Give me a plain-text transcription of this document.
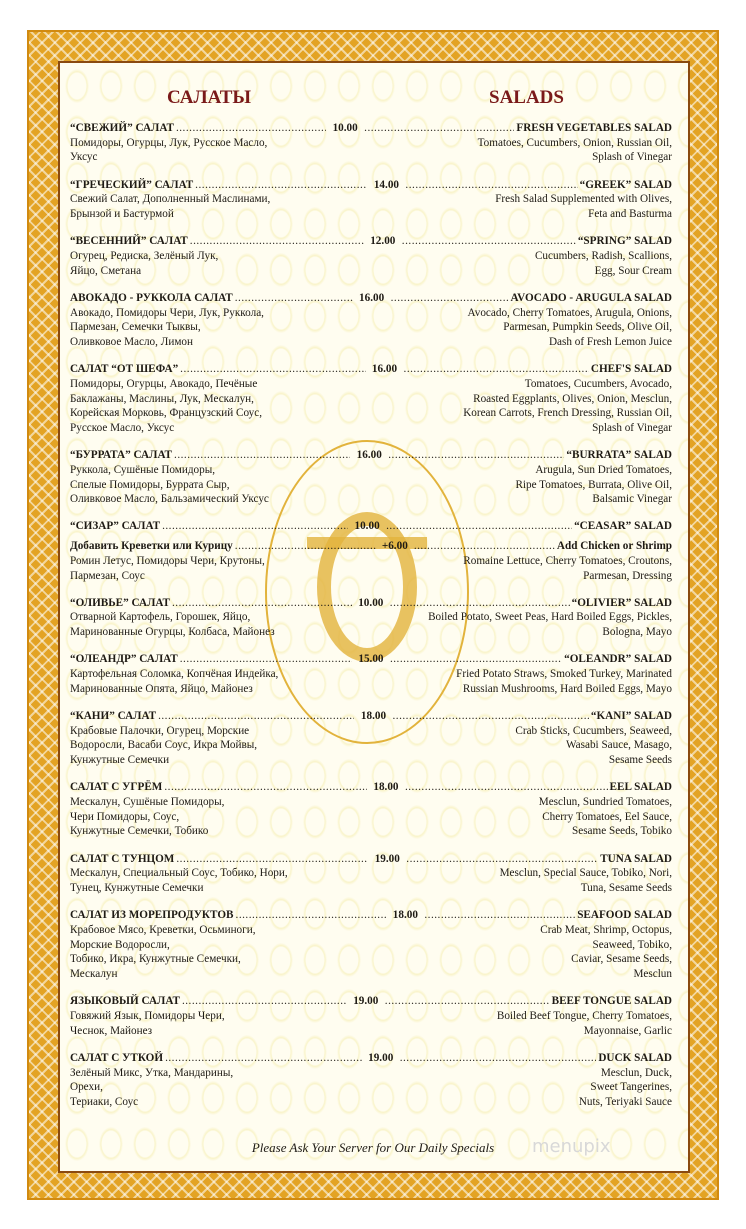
САЛАТЫ	SALADS
“СВЕЖИЙ” САЛАТ .....	10.00 .....	FRESH VEGETABLES SALAD
Помидоры, Огурцы, Лук, Русское Масло,
Уксус
Tomatoes, Cucumbers, Onion, Russian Oil,
Splash of Vinegar
“ГРЕЧЕСКИЙ” САЛАТ .....	14.00 .....	“GREEK” SALAD
Свежий Салат, Дополненный Маслинами,
Брынзой и Бастурмой
Fresh Salad Supplemented with Olives,
Feta and Basturma
“ВЕСЕННИЙ” САЛАТ .....	12.00 .....	“SPRING” SALAD
Огурец, Редиска, Зелёный Лук,
Яйцо, Сметана
Cucumbers, Radish, Scallions,
Egg, Sour Cream
АВОКАДО - РУККОЛА САЛАТ .....	16.00 .....	AVOCADO - ARUGULA SALAD
Авокадо, Помидоры Чери, Лук, Руккола,
Пармезан, Семечки Тыквы,
Оливковое Масло, Лимон
Avocado, Cherry Tomatoes, Arugula, Onions,
Parmesan, Pumpkin Seeds, Olive Oil,
Dash of Fresh Lemon Juice
САЛАТ “ОТ ШЕФА” .....	16.00 .....	CHEF'S SALAD
Помидоры, Огурцы, Авокадо, Печёные
Баклажаны, Маслины, Лук, Мескалун,
Корейская Морковь, Французский Соус,
Русское Масло, Уксус
Tomatoes, Cucumbers, Avocado,
Roasted Eggplants, Olives, Onion, Mesclun,
Korean Carrots, French Dressing, Russian Oil,
Splash of Vinegar
“БУРРАТА” САЛАТ .....	16.00 .....	“BURRATA” SALAD
Руккола, Сушёные Помидоры,
Спелые Помидоры, Буррата Сыр,
Оливковое Масло, Бальзамический Уксус
Arugula, Sun Dried Tomatoes,
Ripe Tomatoes, Burrata, Olive Oil,
Balsamic Vinegar
“СИЗАР” САЛАТ .....	10.00 .....	“CEASAR” SALAD
Добавить Креветки или Курицу .....	+6.00 .....	Add Chicken or Shrimp
Ромин Летус, Помидоры Чери, Крутоны,
Пармезан, Соус
Romaine Lettuce, Cherry Tomatoes, Croutons,
Parmesan, Dressing
“ОЛИВЬЕ” САЛАТ .....	10.00 .....	“OLIVIER” SALAD
Отварной Картофель, Горошек, Яйцо,
Маринованные Огурцы, Колбаса, Майонез
Boiled Potato, Sweet Peas, Hard Boiled Eggs, Pickles,
Bologna, Mayo
“ОЛЕАНДР” САЛАТ .....	15.00 .....	“OLEANDR” SALAD
Картофельная Соломка, Копчёная Индейка,
Маринованные Опята, Яйцо, Майонез
Fried Potato Straws, Smoked Turkey, Marinated
Russian Mushrooms, Hard Boiled Eggs, Mayo
“КАНИ” САЛАТ .....	18.00 .....	“KANI” SALAD
Крабовые Палочки, Огурец, Морские
Водоросли, Васаби Соус, Икра Мойвы,
Кунжутные Семечки
Crab Sticks, Cucumbers, Seaweed,
Wasabi Sauce, Masago,
Sesame Seeds
САЛАТ С УГРЁМ .....	18.00 .....	EEL SALAD
Мескалун, Сушёные Помидоры,
Чери Помидоры, Соус,
Кунжутные Семечки, Тобико
Mesclun, Sundried Tomatoes,
Cherry Tomatoes, Eel Sauce,
Sesame Seeds, Tobiko
САЛАТ С ТУНЦОМ .....	19.00 .....	TUNA SALAD
Мескалун, Специальный Соус, Тобико, Нори,
Тунец, Кунжутные Семечки
Mesclun, Special Sauce, Tobiko, Nori,
Tuna, Sesame Seeds
САЛАТ ИЗ МОРЕПРОДУКТОВ .....	18.00 .....	SEAFOOD SALAD
Крабовое Мясо, Креветки, Осьминоги,
Морские Водоросли,
Тобико, Икра, Кунжутные Семечки,
Мескалун
Crab Meat, Shrimp, Octopus,
Seaweed, Tobiko,
Caviar, Sesame Seeds,
Mesclun
ЯЗЫКОВЫЙ САЛАТ .....	19.00 .....	BEEF TONGUE SALAD
Говяжий Язык, Помидоры Чери,
Чеснок, Майонез
Boiled Beef Tongue, Cherry Tomatoes,
Mayonnaise, Garlic
САЛАТ С УТКОЙ .....	19.00 .....	DUCK SALAD
Зелёный Микс, Утка, Мандарины,
Орехи,
Териаки, Соус
Mesclun, Duck,
Sweet Tangerines,
Nuts, Teriyaki Sauce
Please Ask Your Server for Our Daily Specials	menupix
